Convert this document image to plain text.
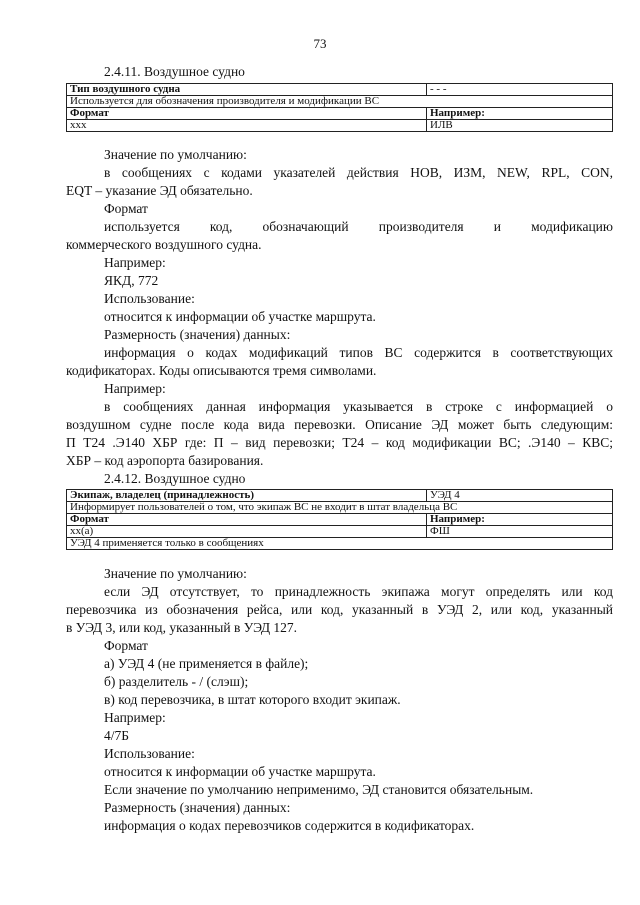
73
2.4.11. Воздушное судно
Тип воздушного судна	- - -
Используется для обозначения производителя и модификации ВС	
Формат	Например:
ххх	ИЛВ
Значение по умолчанию:
в сообщениях с кодами указателей действия НОВ, ИЗМ, NEW, RPL, CON,
EQT – указание ЭД обязательно.
Формат
используется код, обозначающий производителя и модификацию
коммерческого воздушного судна.
Например:
ЯКД, 772
Использование:
относится к информации об участке маршрута.
Размерность (значения) данных:
информация о кодах модификаций типов ВС содержится в соответствующих
кодификаторах. Коды описываются тремя символами.
Например:
в сообщениях данная информация указывается в строке с информацией о
воздушном судне после кода вида перевозки. Описание ЭД может быть следующим:
П Т24 .Э140 ХБР где: П – вид перевозки; Т24 – код модификации ВС; .Э140 – КВС;
ХБР – код аэропорта базирования.
2.4.12. Воздушное судно
Экипаж, владелец (принадлежность)	УЭД 4
Информирует пользователей о том, что экипаж ВС не входит в штат владельца ВС	
Формат	Например:
хх(а)	ФШ
УЭД 4 применяется только в сообщениях	
Значение по умолчанию:
если ЭД отсутствует, то принадлежность экипажа могут определять или код
перевозчика из обозначения рейса, или код, указанный в УЭД 2, или код, указанный
в УЭД 3, или код, указанный в УЭД 127.
Формат
а) УЭД 4 (не применяется в файле);
б) разделитель - / (слэш);
в) код перевозчика, в штат которого входит экипаж.
Например:
4/7Б
Использование:
относится к информации об участке маршрута.
Если значение по умолчанию неприменимо, ЭД становится обязательным.
Размерность (значения) данных:
информация о кодах перевозчиков содержится в кодификаторах.
